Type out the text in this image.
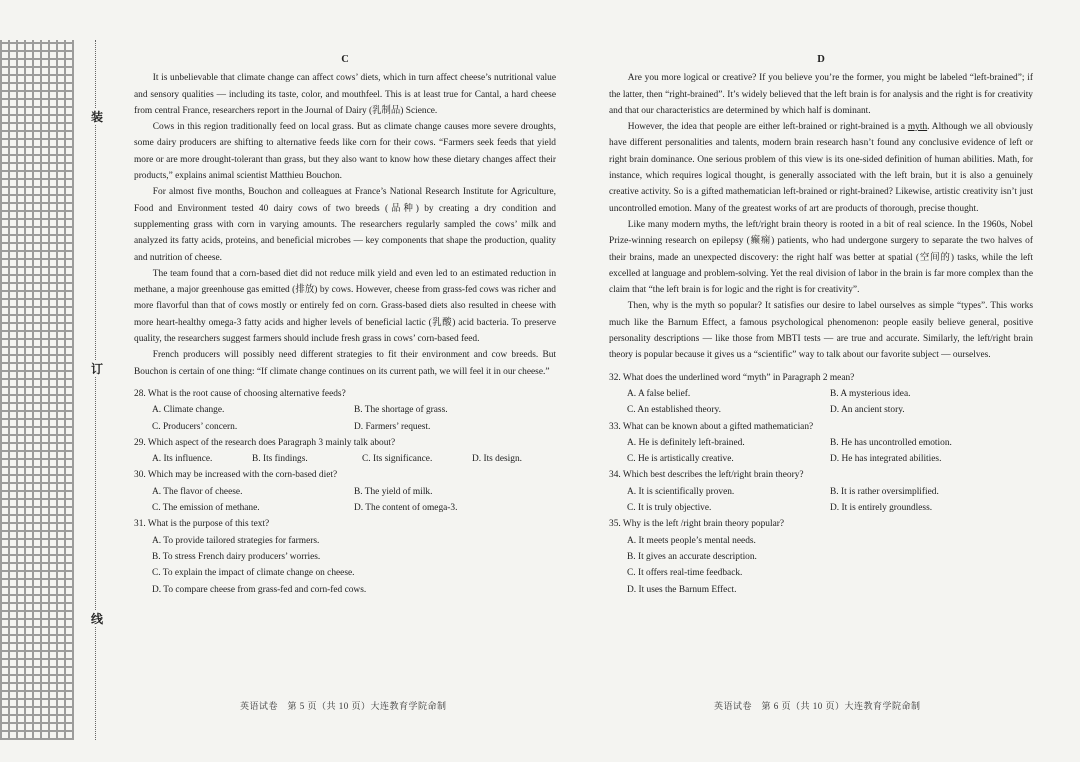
装
订
线
C

It is unbelievable that climate change can affect cows’ diets, which in turn affect cheese’s nutritional value and sensory qualities — including its taste, color, and mouthfeel. This is at least true for Cantal, a hard cheese from central France, researchers report in the Journal of Dairy (乳制品) Science.

Cows in this region traditionally feed on local grass. But as climate change causes more severe droughts, some dairy producers are shifting to alternative feeds like corn for their cows. “Farmers seek feeds that yield more or are more drought-tolerant than grass, but they also want to know how these dietary changes affect their products,” explains animal scientist Matthieu Bouchon.

For almost five months, Bouchon and colleagues at France’s National Research Institute for Agriculture, Food and Environment tested 40 dairy cows of two breeds (品种) by creating a dry condition and supplementing grass with corn in varying amounts. The researchers regularly sampled the cows’ milk and analyzed its fatty acids, proteins, and beneficial microbes — key components that shape the production, quality and nutrition of cheese.

The team found that a corn-based diet did not reduce milk yield and even led to an estimated reduction in methane, a major greenhouse gas emitted (排放) by cows. However, cheese from grass-fed cows was richer and more flavorful than that of cows mostly or entirely fed on corn. Grass-based diets also resulted in cheese with more heart-healthy omega-3 fatty acids and higher levels of beneficial lactic (乳酸) acid bacteria. To preserve quality, the researchers suggest farmers should include fresh grass in cows’ corn-based feed.

French producers will possibly need different strategies to fit their environment and cow breeds. But Bouchon is certain of one thing: “If climate change continues on its current path, we will feel it in our cheese.”

28. What is the root cause of choosing alternative feeds?

A. Climate change.	B. The shortage of grass.
C. Producers’ concern.	D. Farmers’ request.

29. Which aspect of the research does Paragraph 3 mainly talk about?

A. Its influence.	B. Its findings.	C. Its significance.	D. Its design.

30. Which may be increased with the corn-based diet?

A. The flavor of cheese.	B. The yield of milk.
C. The emission of methane.	D. The content of omega-3.

31. What is the purpose of this text?

A. To provide tailored strategies for farmers.
B. To stress French dairy producers’ worries.
C. To explain the impact of climate change on cheese.
D. To compare cheese from grass-fed and corn-fed cows.
D

Are you more logical or creative? If you believe you’re the former, you might be labeled “left-brained”; if the latter, then “right-brained”. It’s widely believed that the left brain is for analysis and the right is for creativity and that our characteristics are determined by which half is dominant.

However, the idea that people are either left-brained or right-brained is a myth. Although we all obviously have different personalities and talents, modern brain research hasn’t found any conclusive evidence of left or right brain dominance. One serious problem of this view is its one-sided definition of human abilities. Math, for instance, which requires logical thought, is generally associated with the left brain, but it is also a genuinely creative activity. So is a gifted mathematician left-brained or right-brained? Likewise, artistic creativity isn’t just uncontrolled emotion. Many of the greatest works of art are products of thorough, precise thought.

Like many modern myths, the left/right brain theory is rooted in a bit of real science. In the 1960s, Nobel Prize-winning research on epilepsy (癫痫) patients, who had undergone surgery to separate the two halves of their brains, made an unexpected discovery: the right half was better at spatial (空间的) tasks, while the left excelled at language and problem-solving. Yet the real division of labor in the brain is far more complex than the claim that “the left brain is for logic and the right is for creativity”.

Then, why is the myth so popular? It satisfies our desire to label ourselves as simple “types”. This works much like the Barnum Effect, a famous psychological phenomenon: people easily believe general, positive personality descriptions — like those from MBTI tests — are true and accurate. Similarly, the left/right brain theory is popular because it gives us a “scientific” way to talk about our favorite subject — ourselves.

32. What does the underlined word “myth” in Paragraph 2 mean?

A. A false belief.	B. A mysterious idea.
C. An established theory.	D. An ancient story.

33. What can be known about a gifted mathematician?

A. He is definitely left-brained.	B. He has uncontrolled emotion.
C. He is artistically creative.	D. He has integrated abilities.

34. Which best describes the left/right brain theory?

A. It is scientifically proven.	B. It is rather oversimplified.
C. It is truly objective.	D. It is entirely groundless.

35. Why is the left /right brain theory popular?

A. It meets people’s mental needs.
B. It gives an accurate description.
C. It offers real-time feedback.
D. It uses the Barnum Effect.
英语试卷　第 5 页（共 10 页）大连教育学院命制	英语试卷　第 6 页（共 10 页）大连教育学院命制
